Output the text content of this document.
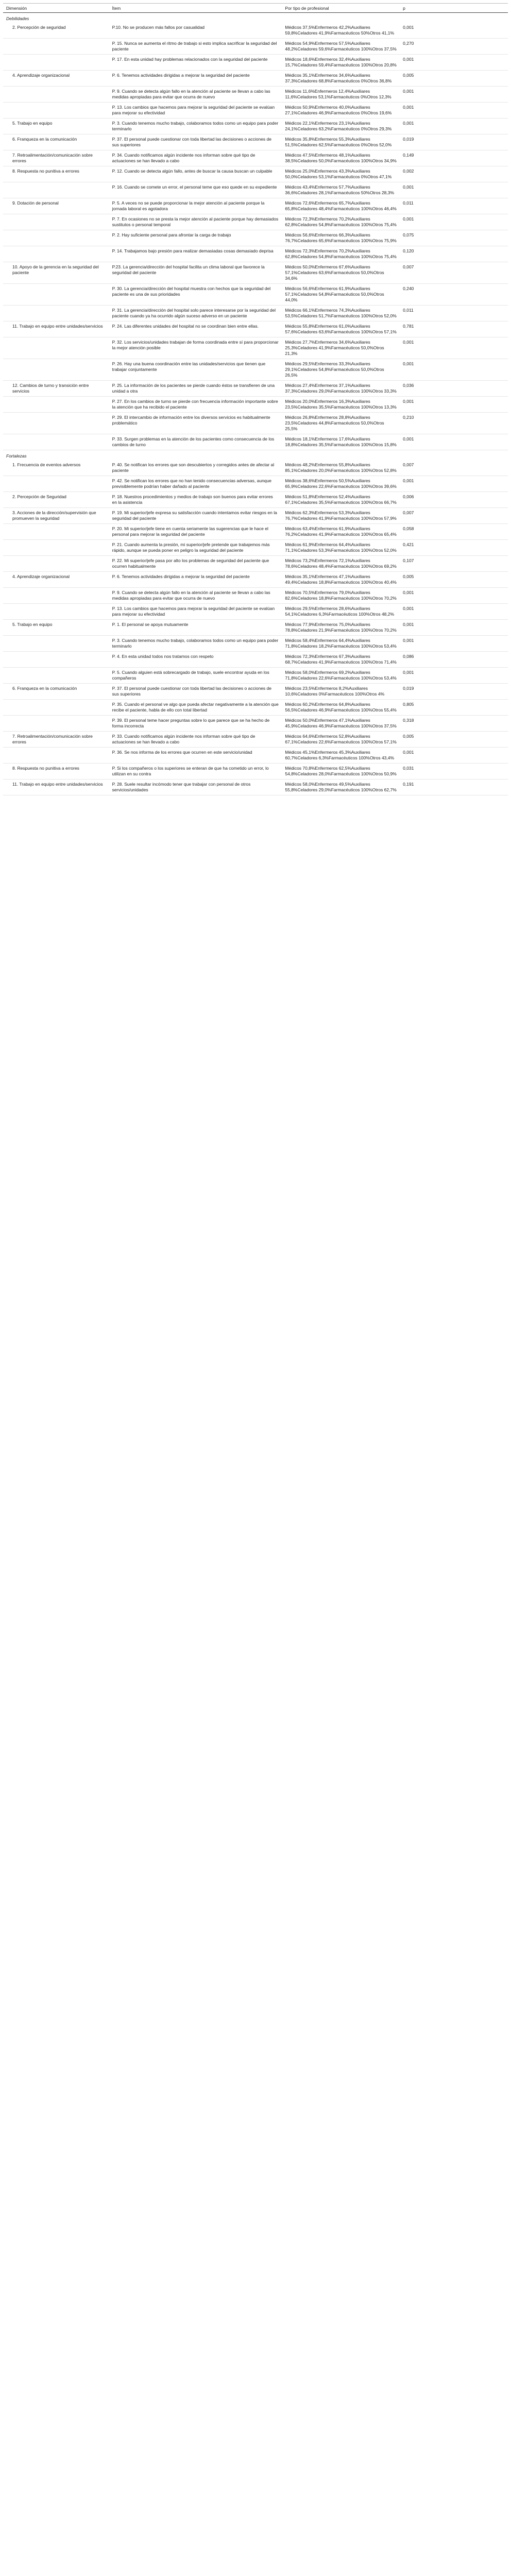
Dimensión	Ítem	Por tipo de profesional	p
Debilidades			
2. Percepción de seguridad	P.10. No se producen más fallos por casualidad	Médicos 37,5%Enfermeros 42,2%Auxiliares 59,8%Celadores 41,9%Farmacéuticos 50%Otros 41,1%	0,001
	P. 15. Nunca se aumenta el ritmo de trabajo si esto implica sacrificar la seguridad del paciente	Médicos 54,9%Enfermeros 57,5%Auxiliares 48,2%Celadores 59,6%Farmacéuticos 100%Otros 37,5%	0,270
	P. 17. En esta unidad hay problemas relacionados con la seguridad del paciente	Médicos 18,6%Enfermeros 32,4%Auxiliares 15,7%Celadores 59,4%Farmacéuticos 100%Otros 20,8%	0,001
4. Aprendizaje organizacional	P. 6. Tenemos actividades dirigidas a mejorar la seguridad del paciente	Médicos 35,1%Enfermeros 34,6%Auxiliares 37,3%Celadores 68,8%Farmacéuticos 0%Otros 36,8%	0,005
	P. 9. Cuando se detecta algún fallo en la atención al paciente se llevan a cabo las medidas apropiadas para evitar que ocurra de nuevo	Médicos 11,6%Enfermeros 12,4%Auxiliares 11,6%Celadores 53,1%Farmacéuticos 0%Otros 12,3%	0,001
	P. 13. Los cambios que hacemos para mejorar la seguridad del paciente se evalúan para mejorar su efectividad	Médicos 50,9%Enfermeros 40,0%Auxiliares 27,1%Celadores 46,9%Farmacéuticos 0%Otros 19,6%	0,001
5. Trabajo en equipo	P. 3. Cuando tenemos mucho trabajo, colaboramos todos como un equipo para poder terminarlo	Médicos 22,1%Enfermeros 23,1%Auxiliares 24,1%Celadores 63,2%Farmacéuticos 0%Otros 29,3%	0,001
6. Franqueza en la comunicación	P. 37. El personal puede cuestionar con toda libertad las decisiones o acciones de sus superiores	Médicos 35,8%Enfermeros 55,3%Auxiliares 51,5%Celadores 62,5%Farmacéuticos 0%Otros 52,0%	0,019
7. Retroalimentación/comunicación sobre errores	P. 34. Cuando notificamos algún incidente nos informan sobre qué tipo de actuaciones se han llevado a cabo	Médicos 47,5%Enfermeros 48,1%Auxiliares 38,5%Celadores 50,0%Farmacéuticos 100%Otros 34,9%	0,149
8. Respuesta no punitiva a errores	P. 12. Cuando se detecta algún fallo, antes de buscar la causa buscan un culpable	Médicos 25,0%Enfermeros 43,3%Auxiliares 50,0%Celadores 53,1%Farmacéuticos 0%Otros 47,1%	0,002
	P. 16. Cuando se comete un error, el personal teme que eso quede en su expediente	Médicos 43,4%Enfermeros 57,7%Auxiliares 36,6%Celadores 28,1%Farmacéuticos 50%Otros 28,3%	0,001
9. Dotación de personal	P. 5. A veces no se puede proporcionar la mejor atención al paciente porque la jornada laboral es agotadora	Médicos 72,6%Enfermeros 65,7%Auxiliares 65,8%Celadores 48,4%Farmacéuticos 100%Otros 46,4%	0,011
	P. 7. En ocasiones no se presta la mejor atención al paciente porque hay demasiados sustitutos o personal temporal	Médicos 72,3%Enfermeros 70,2%Auxiliares 62,8%Celadores 54,8%Farmacéuticos 100%Otros 75,4%	0,001
	P. 2. Hay suficiente personal para afrontar la carga de trabajo	Médicos 56,6%Enfermeros 66,3%Auxiliares 76,7%Celadores 65,6%Farmacéuticos 100%Otros 75,9%	0,075
	P. 14. Trabajamos bajo presión para realizar demasiadas cosas demasiado deprisa	Médicos 72,3%Enfermeros 70,2%Auxiliares 62,8%Celadores 54,8%Farmacéuticos 100%Otros 75,4%	0,120
10. Apoyo de la gerencia en la seguridad del paciente	P.23. La gerencia/dirección del hospital facilita un clima laboral que favorece la seguridad del paciente	Médicos 50,0%Enfermeros 67,6%Auxiliares 57,1%Celadores 63,6%Farmacéuticos 50,0%Otros 34,6%	0,007
	P. 30. La gerencia/dirección del hospital muestra con hechos que la seguridad del paciente es una de sus prioridades	Médicos 56,6%Enfermeros 61,9%Auxiliares 57,1%Celadores 54,8%Farmacéuticos 50,0%Otros 44,0%	0,240
	P. 31. La gerencia/dirección del hospital solo parece interesarse por la seguridad del paciente cuando ya ha ocurrido algún suceso adverso en un paciente	Médicos 66,1%Enfermeros 74,3%Auxiliares 53,5%Celadores 51,7%Farmacéuticos 100%Otros 52,0%	0,011
11. Trabajo en equipo entre unidades/servicios	P. 24. Las diferentes unidades del hospital no se coordinan bien entre ellas.	Médicos 55,8%Enfermeros 61,0%Auxiliares 57,6%Celadores 63,6%Farmacéuticos 100%Otros 57,1%	0,781
	P. 32. Los servicios/unidades trabajan de forma coordinada entre sí para proporcionar la mejor atención posible	Médicos 27,7%Enfermeros 34,6%Auxiliares 25,3%Celadores 41,9%Farmacéuticos 50,0%Otros 21,3%	0,001
	P. 26. Hay una buena coordinación entre las unidades/servicios que tienen que trabajar conjuntamente	Médicos 29,5%Enfermeros 33,3%Auxiliares 29,1%Celadores 54,8%Farmacéuticos 50,0%Otros 26,5%	0,001
12. Cambios de turno y transición entre servicios	P. 25. La información de los pacientes se pierde cuando éstos se transfieren de una unidad a otra	Médicos 27,4%Enfermeros 37,1%Auxiliares 37,3%Celadores 29,0%Farmacéuticos 100%Otros 33,3%	0,036
	P. 27. En los cambios de turno se pierde con frecuencia información importante sobre la atención que ha recibido el paciente	Médicos 20,0%Enfermeros 16,3%Auxiliares 23,5%Celadores 35,5%Farmacéuticos 100%Otros 13,3%	0,001
	P. 29. El intercambio de información entre los diversos servicios es habitualmente problemático	Médicos 26,8%Enfermeros 28,8%Auxiliares 23,5%Celadores 44,8%Farmacéuticos 50,0%Otros 25,5%	0,210
	P. 33. Surgen problemas en la atención de los pacientes como consecuencia de los cambios de turno	Médicos 18,1%Enfermeros 17,6%Auxiliares 18,8%Celadores 35,5%Farmacéuticos 100%Otros 15,8%	0,001
Fortalezas			
1. Frecuencia de eventos adversos	P. 40. Se notifican los errores que son descubiertos y corregidos antes de afectar al paciente	Médicos 48,2%Enfermeros 55,8%Auxiliares 85,1%Celadores 20,0%Farmacéuticos 100%Otros 52,8%	0,007
	P. 42. Se notifican los errores que no han tenido consecuencias adversas, aunque previsiblemente podrían haber dañado al paciente	Médicos 38,6%Enfermeros 50,5%Auxiliares 65,9%Celadores 22,6%Farmacéuticos 100%Otros 39,6%	0,001
2. Percepción de Seguridad	P. 18. Nuestros procedimientos y medios de trabajo son buenos para evitar errores en la asistencia	Médicos 51,8%Enfermeros 52,4%Auxiliares 67,1%Celadores 35,5%Farmacéuticos 100%Otros 66,7%	0,006
3. Acciones de la dirección/supervisión que promueven la seguridad	P. 19. Mi superior/jefe expresa su satisfacción cuando intentamos evitar riesgos en la seguridad del paciente	Médicos 62,3%Enfermeros 53,3%Auxiliares 76,7%Celadores 41,9%Farmacéuticos 100%Otros 57,9%	0,007
	P. 20. Mi superior/jefe tiene en cuenta seriamente las sugerencias que le hace el personal para mejorar la seguridad del paciente	Médicos 63,4%Enfermeros 61,9%Auxiliares 76,2%Celadores 41,9%Farmacéuticos 100%Otros 65,4%	0,058
	P. 21. Cuando aumenta la presión, mi superior/jefe pretende que trabajemos más rápido, aunque se pueda poner en peligro la seguridad del paciente	Médicos 61,9%Enfermeros 64,4%Auxiliares 71,1%Celadores 53,3%Farmacéuticos 100%Otros 52,0%	0,421
	P. 22. Mi superior/jefe pasa por alto los problemas de seguridad del paciente que ocurren habitualmente	Médicos 73,2%Enfermeros 72,1%Auxiliares 78,6%Celadores 48,4%Farmacéuticos 100%Otros 69,2%	0,107
4. Aprendizaje organizacional	P. 6. Tenemos actividades dirigidas a mejorar la seguridad del paciente	Médicos 35,1%Enfermeros 47,1%Auxiliares 49,4%Celadores 18,8%Farmacéuticos 100%Otros 40,4%	0,005
	P. 9. Cuando se detecta algún fallo en la atención al paciente se llevan a cabo las medidas apropiadas para evitar que ocurra de nuevo	Médicos 70,5%Enfermeros 79,0%Auxiliares 82,6%Celadores 18,8%Farmacéuticos 100%Otros 70,2%	0,001
	P. 13. Los cambios que hacemos para mejorar la seguridad del paciente se evalúan para mejorar su efectividad	Médicos 29,5%Enfermeros 28,6%Auxiliares 54,1%Celadores 6,3%Farmacéuticos 100%Otros 48,2%	0,001
5. Trabajo en equipo	P. 1. El personal se apoya mutuamente	Médicos 77,9%Enfermeros 75,0%Auxiliares 78,8%Celadores 21,9%Farmacéuticos 100%Otros 70,2%	0,001
	P. 3. Cuando tenemos mucho trabajo, colaboramos todos como un equipo para poder terminarlo	Médicos 58,4%Enfermeros 64,4%Auxiliares 71,8%Celadores 18,2%Farmacéuticos 100%Otros 53,4%	0,001
	P. 4. En esta unidad todos nos tratamos con respeto	Médicos 72,3%Enfermeros 67,3%Auxiliares 68,7%Celadores 41,9%Farmacéuticos 100%Otros 71,4%	0,086
	P. 5. Cuando alguien está sobrecargado de trabajo, suele encontrar ayuda en los compañeros	Médicos 58,0%Enfermeros 69,2%Auxiliares 71,8%Celadores 22,6%Farmacéuticos 100%Otros 53,4%	0,001
6. Franqueza en la comunicación	P. 37. El personal puede cuestionar con toda libertad las decisiones o acciones de sus superiores	Médicos 23,5%Enfermeros 8,2%Auxiliares 10,6%Celadores 0%Farmacéuticos 100%Otros 4%	0,019
	P. 35. Cuando el personal ve algo que pueda afectar negativamente a la atención que recibe el paciente, habla de ello con total libertad	Médicos 60,2%Enfermeros 64,8%Auxiliares 56,5%Celadores 46,9%Farmacéuticos 100%Otros 55,4%	0,805
	P. 39. El personal teme hacer preguntas sobre lo que parece que se ha hecho de forma incorrecta	Médicos 50,0%Enfermeros 47,1%Auxiliares 45,9%Celadores 46,9%Farmacéuticos 100%Otros 37,5%	0,318
7. Retroalimentación/comunicación sobre errores	P. 33. Cuando notificamos algún incidente nos informan sobre qué tipo de actuaciones se han llevado a cabo	Médicos 64,6%Enfermeros 52,8%Auxiliares 67,1%Celadores 22,6%Farmacéuticos 100%Otros 57,1%	0,005
	P. 36. Se nos informa de los errores que ocurren en este servicio/unidad	Médicos 45,1%Enfermeros 45,3%Auxiliares 60,7%Celadores 6,3%Farmacéuticos 100%Otros 43,4%	0,001
8. Respuesta no punitiva a errores	P. Si los compañeros o los superiores se enteran de que ha cometido un error, lo utilizan en su contra	Médicos 70,8%Enfermeros 62,5%Auxiliares 54,8%Celadores 28,0%Farmacéuticos 100%Otros 50,9%	0,031
11. Trabajo en equipo entre unidades/servicios	P. 28. Suele resultar incómodo tener que trabajar con personal de otros servicios/unidades	Médicos 58,0%Enfermeros 49,5%Auxiliares 55,8%Celadores 29,0%Farmacéuticos 100%Otros 62,7%	0,191
